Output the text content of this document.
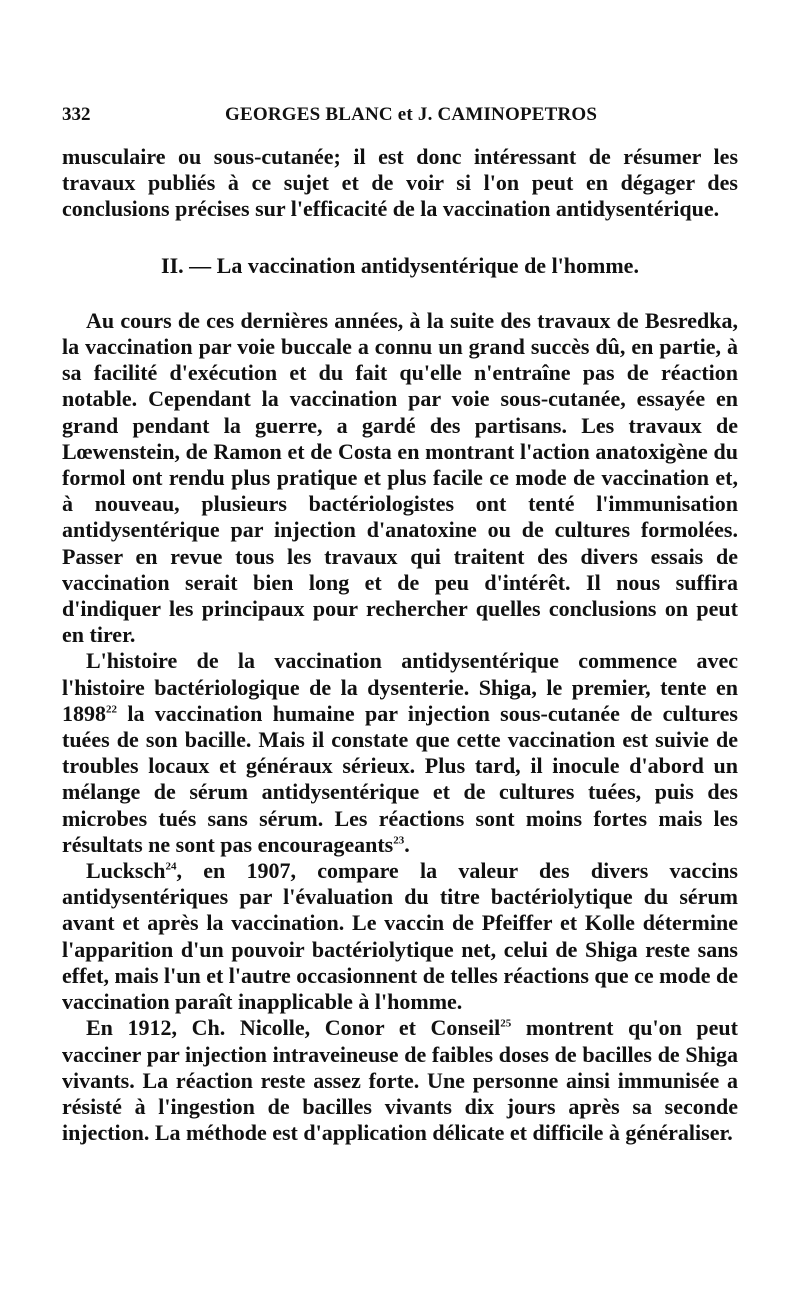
332	GEORGES BLANC et J. CAMINOPETROS

musculaire ou sous-cutanée; il est donc intéressant de résumer les travaux publiés à ce sujet et de voir si l'on peut en dégager des conclusions précises sur l'efficacité de la vaccination antidysentérique.

II. — La vaccination antidysentérique de l'homme.

Au cours de ces dernières années, à la suite des travaux de Besredka, la vaccination par voie buccale a connu un grand succès dû, en partie, à sa facilité d'exécution et du fait qu'elle n'entraîne pas de réaction notable. Cependant la vaccination par voie sous-cutanée, essayée en grand pendant la guerre, a gardé des partisans. Les travaux de Lœwenstein, de Ramon et de Costa en montrant l'action anatoxigène du formol ont rendu plus pratique et plus facile ce mode de vaccination et, à nouveau, plusieurs bactériologistes ont tenté l'immunisation antidysentérique par injection d'anatoxine ou de cultures formolées. Passer en revue tous les travaux qui traitent des divers essais de vaccination serait bien long et de peu d'intérêt. Il nous suffira d'indiquer les principaux pour rechercher quelles conclusions on peut en tirer.

L'histoire de la vaccination antidysentérique commence avec l'histoire bactériologique de la dysenterie. Shiga, le premier, tente en 1898$^{22}$ la vaccination humaine par injection sous-cutanée de cultures tuées de son bacille. Mais il constate que cette vaccination est suivie de troubles locaux et généraux sérieux. Plus tard, il inocule d'abord un mélange de sérum antidysentérique et de cultures tuées, puis des microbes tués sans sérum. Les réactions sont moins fortes mais les résultats ne sont pas encourageants$^{23}$.

Lucksch$^{24}$, en 1907, compare la valeur des divers vaccins antidysentériques par l'évaluation du titre bactériolytique du sérum avant et après la vaccination. Le vaccin de Pfeiffer et Kolle détermine l'apparition d'un pouvoir bactériolytique net, celui de Shiga reste sans effet, mais l'un et l'autre occasionnent de telles réactions que ce mode de vaccination paraît inapplicable à l'homme.

En 1912, Ch. Nicolle, Conor et Conseil$^{25}$ montrent qu'on peut vacciner par injection intraveineuse de faibles doses de bacilles de Shiga vivants. La réaction reste assez forte. Une personne ainsi immunisée a résisté à l'ingestion de bacilles vivants dix jours après sa seconde injection. La méthode est d'application délicate et difficile à généraliser.
